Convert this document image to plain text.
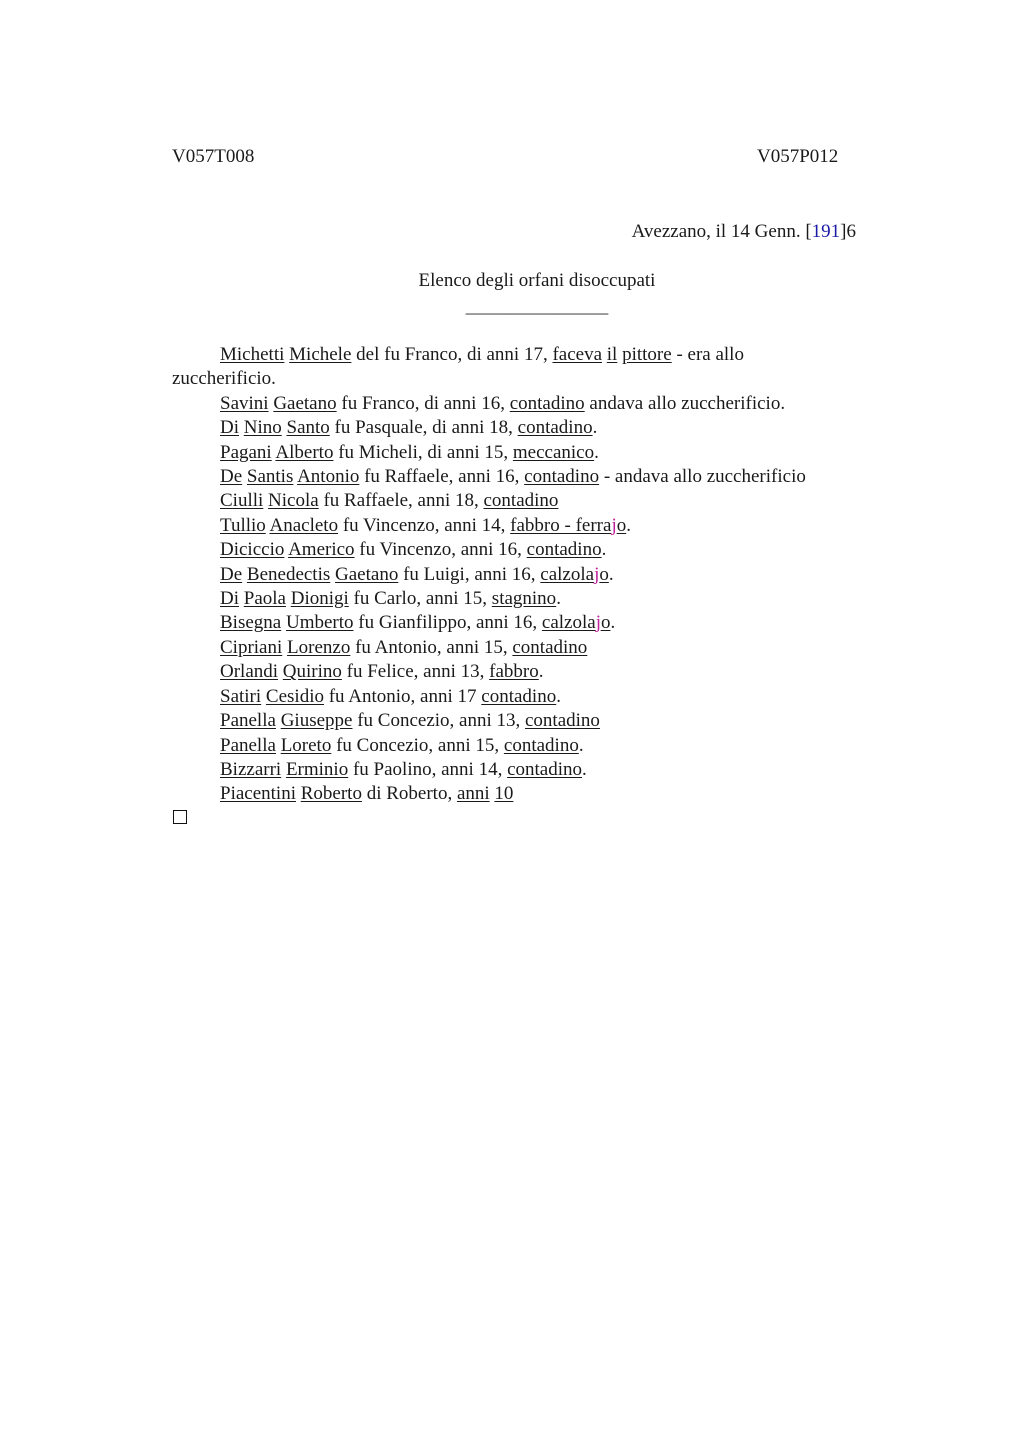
V057T008	V057P012
Avezzano, il 14 Genn. [191]6
Elenco degli orfani disoccupati
_______________
Michetti Michele del fu Franco, di anni 17, faceva il pittore - era allo zuccherificio.
Savini Gaetano fu Franco, di anni 16, contadino andava allo zuccherificio.
Di Nino Santo fu Pasquale, di anni 18, contadino.
Pagani Alberto fu Micheli, di anni 15, meccanico.
De Santis Antonio fu Raffaele, anni 16, contadino - andava allo zuccherificio
Ciulli Nicola fu Raffaele, anni 18, contadino
Tullio Anacleto fu Vincenzo, anni 14, fabbro - ferrajo.
Diciccio Americo fu Vincenzo, anni 16, contadino.
De Benedectis Gaetano fu Luigi, anni 16, calzolajo.
Di Paola Dionigi fu Carlo, anni 15, stagnino.
Bisegna Umberto fu Gianfilippo, anni 16, calzolajo.
Cipriani Lorenzo fu Antonio, anni 15, contadino
Orlandi Quirino fu Felice, anni 13, fabbro.
Satiri Cesidio fu Antonio, anni 17 contadino.
Panella Giuseppe fu Concezio, anni 13, contadino
Panella Loreto fu Concezio, anni 15, contadino.
Bizzarri Erminio fu Paolino, anni 14, contadino.
Piacentini Roberto di Roberto, anni 10
